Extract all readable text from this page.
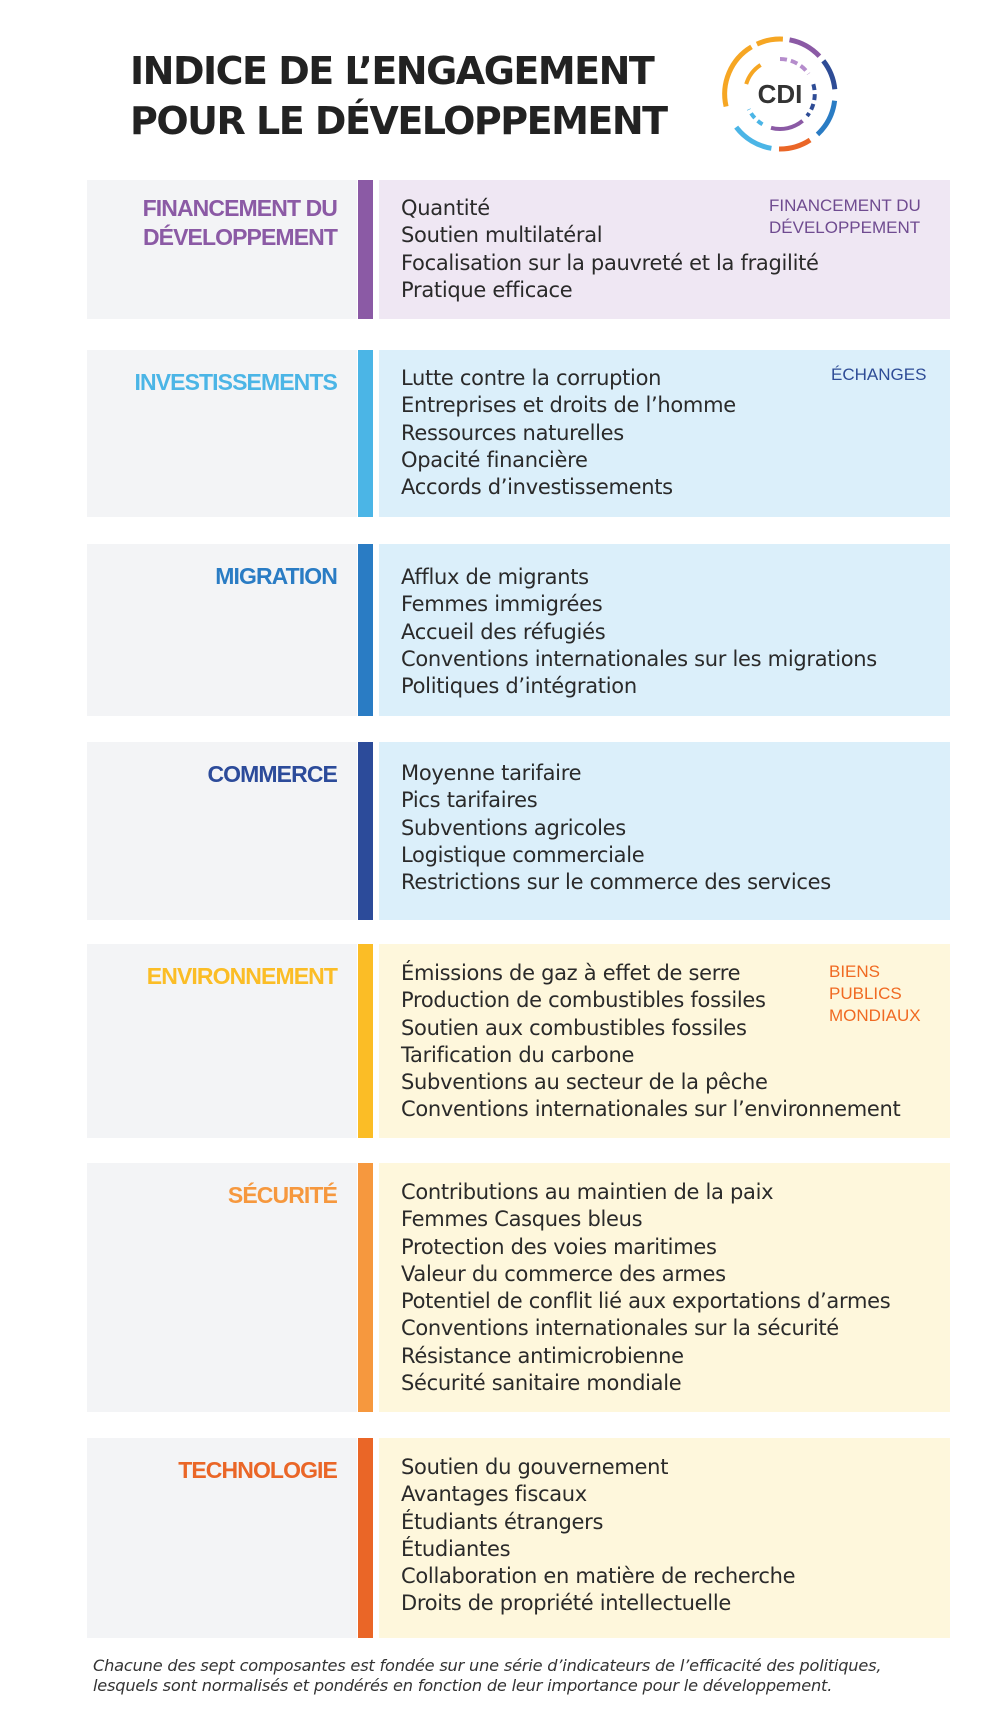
INDICE DE L’ENGAGEMENT
POUR LE DÉVELOPPEMENT
CDI
FINANCEMENT DU
DÉVELOPPEMENT
Quantité
Soutien multilatéral
Focalisation sur la pauvreté et la fragilité
Pratique efficace
FINANCEMENT DU
DÉVELOPPEMENT
INVESTISSEMENTS	Lutte contre la corruption
Entreprises et droits de l’homme
Ressources naturelles
Opacité financière
Accords d’investissements
ÉCHANGES
MIGRATION	Afflux de migrants
Femmes immigrées
Accueil des réfugiés
Conventions internationales sur les migrations
Politiques d’intégration
COMMERCE	Moyenne tarifaire
Pics tarifaires
Subventions agricoles
Logistique commerciale
Restrictions sur le commerce des services
ENVIRONNEMENT	Émissions de gaz à effet de serre
Production de combustibles fossiles
Soutien aux combustibles fossiles
Tarification du carbone
Subventions au secteur de la pêche
Conventions internationales sur l’environnement
BIENS
PUBLICS
MONDIAUX
SÉCURITÉ	Contributions au maintien de la paix
Femmes Casques bleus
Protection des voies maritimes
Valeur du commerce des armes
Potentiel de conflit lié aux exportations d’armes
Conventions internationales sur la sécurité
Résistance antimicrobienne
Sécurité sanitaire mondiale
TECHNOLOGIE	Soutien du gouvernement
Avantages fiscaux
Étudiants étrangers
Étudiantes
Collaboration en matière de recherche
Droits de propriété intellectuelle

Chacune des sept composantes est fondée sur une série d’indicateurs de l’efficacité des politiques,
lesquels sont normalisés et pondérés en fonction de leur importance pour le développement.
